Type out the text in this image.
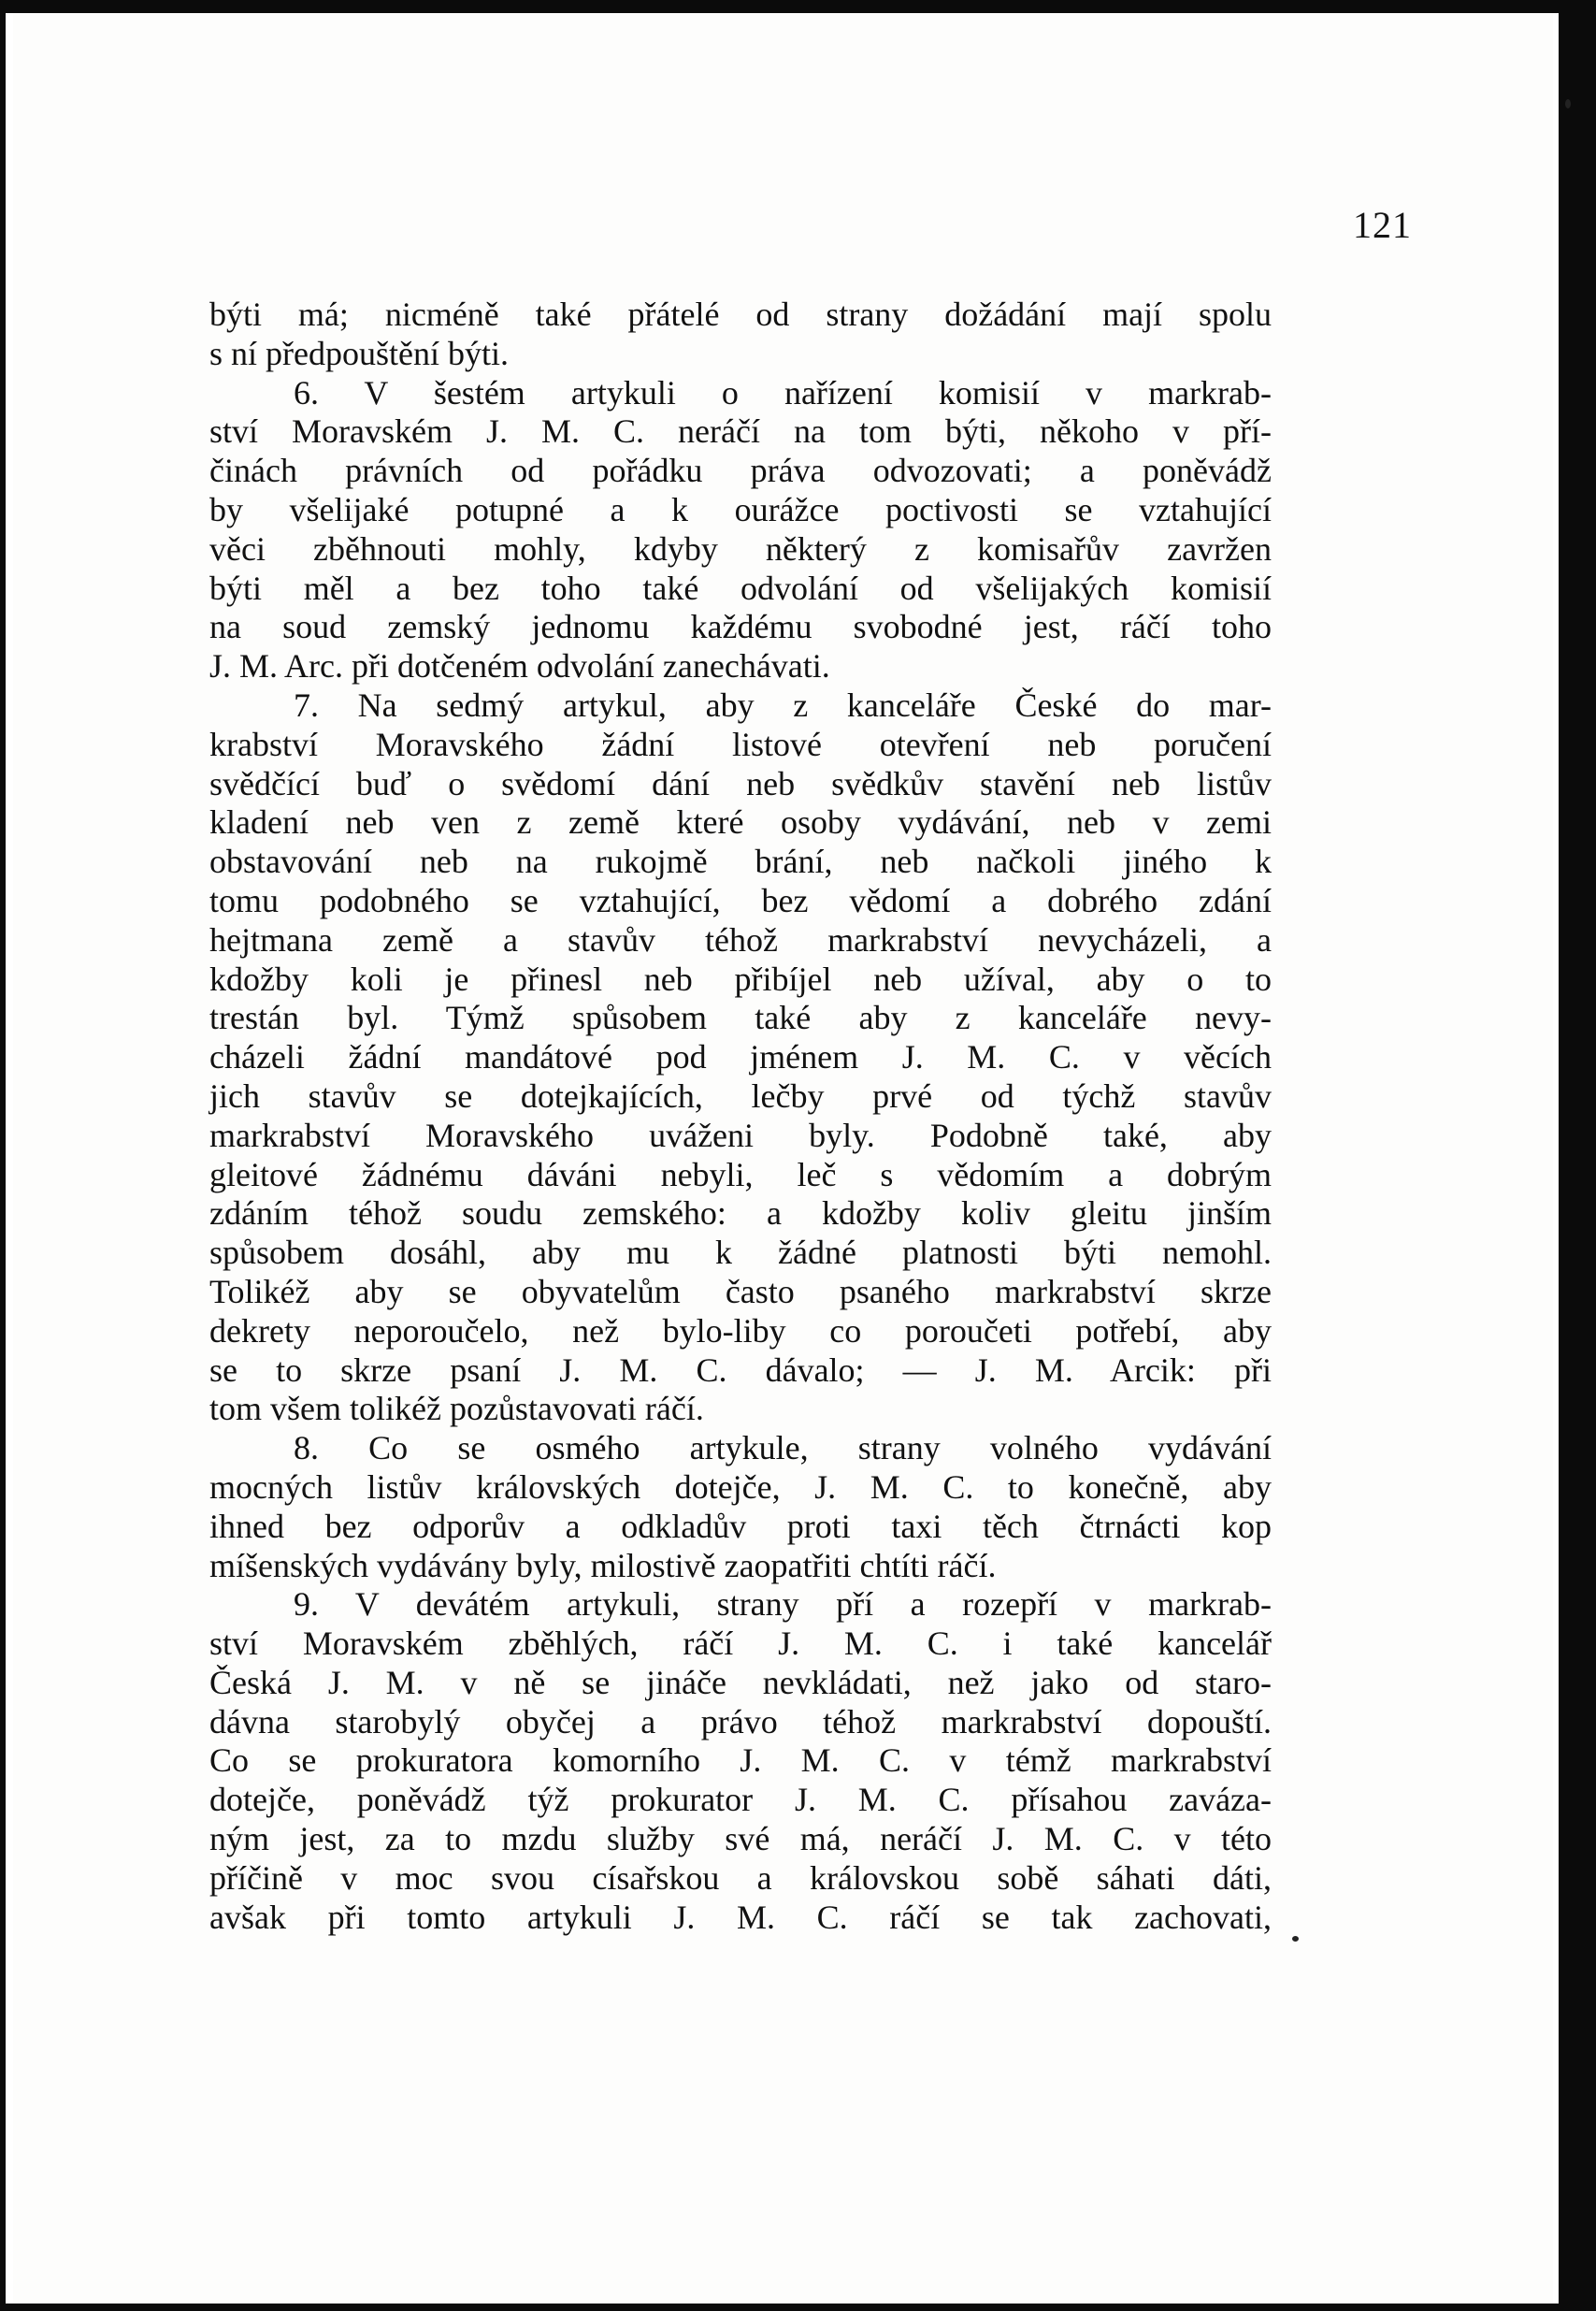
121
býti má; nicméně také přátelé od strany dožádání mají spolu
s ní předpouštění býti.
6. V šestém artykuli o nařízení komisií v markrab-
ství Moravském J. M. C. neráčí na tom býti, někoho v pří-
činách právních od pořádku práva odvozovati; a poněvádž
by všelijaké potupné a k ourážce poctivosti se vztahující
věci zběhnouti mohly, kdyby některý z komisařův zavržen
býti měl a bez toho také odvolání od všelijakých komisií
na soud zemský jednomu každému svobodné jest, ráčí toho
J. M. Arc. při dotčeném odvolání zanechávati.
7. Na sedmý artykul, aby z kanceláře České do mar-
krabství Moravského žádní listové otevření neb poručení
svědčící buď o svědomí dání neb svědkův stavění neb listův
kladení neb ven z země které osoby vydávání, neb v zemi
obstavování neb na rukojmě brání, neb načkoli jiného k
tomu podobného se vztahující, bez vědomí a dobrého zdání
hejtmana země a stavův téhož markrabství nevycházeli, a
kdožby koli je přinesl neb přibíjel neb užíval, aby o to
trestán byl. Týmž spůsobem také aby z kanceláře nevy-
cházeli žádní mandátové pod jménem J. M. C. v věcích
jich stavův se dotejkajících, lečby prvé od týchž stavův
markrabství Moravského uváženi byly. Podobně také, aby
gleitové žádnému dáváni nebyli, leč s vědomím a dobrým
zdáním téhož soudu zemského: a kdožby koliv gleitu jinším
spůsobem dosáhl, aby mu k žádné platnosti býti nemohl.
Tolikéž aby se obyvatelům často psaného markrabství skrze
dekrety neporoučelo, než bylo-liby co poroučeti potřebí, aby
se to skrze psaní J. M. C. dávalo; — J. M. Arcik: při
tom všem tolikéž pozůstavovati ráčí.
8. Co se osmého artykule, strany volného vydávání
mocných listův královských dotejče, J. M. C. to konečně, aby
ihned bez odporův a odkladův proti taxi těch čtrnácti kop
míšenských vydávány byly, milostivě zaopatřiti chtíti ráčí.
9. V devátém artykuli, strany pří a rozepří v markrab-
ství Moravském zběhlých, ráčí J. M. C. i také kancelář
Česká J. M. v ně se jináče nevkládati, než jako od staro-
dávna starobylý obyčej a právo téhož markrabství dopouští.
Co se prokuratora komorního J. M. C. v témž markrabství
dotejče, poněvádž týž prokurator J. M. C. přísahou zavázа-
ným jest, za to mzdu služby své má, neráčí J. M. C. v této
příčině v moc svou císařskou a královskou sobě sáhati dáti,
avšak při tomto artykuli J. M. C. ráčí se tak zachovati,
